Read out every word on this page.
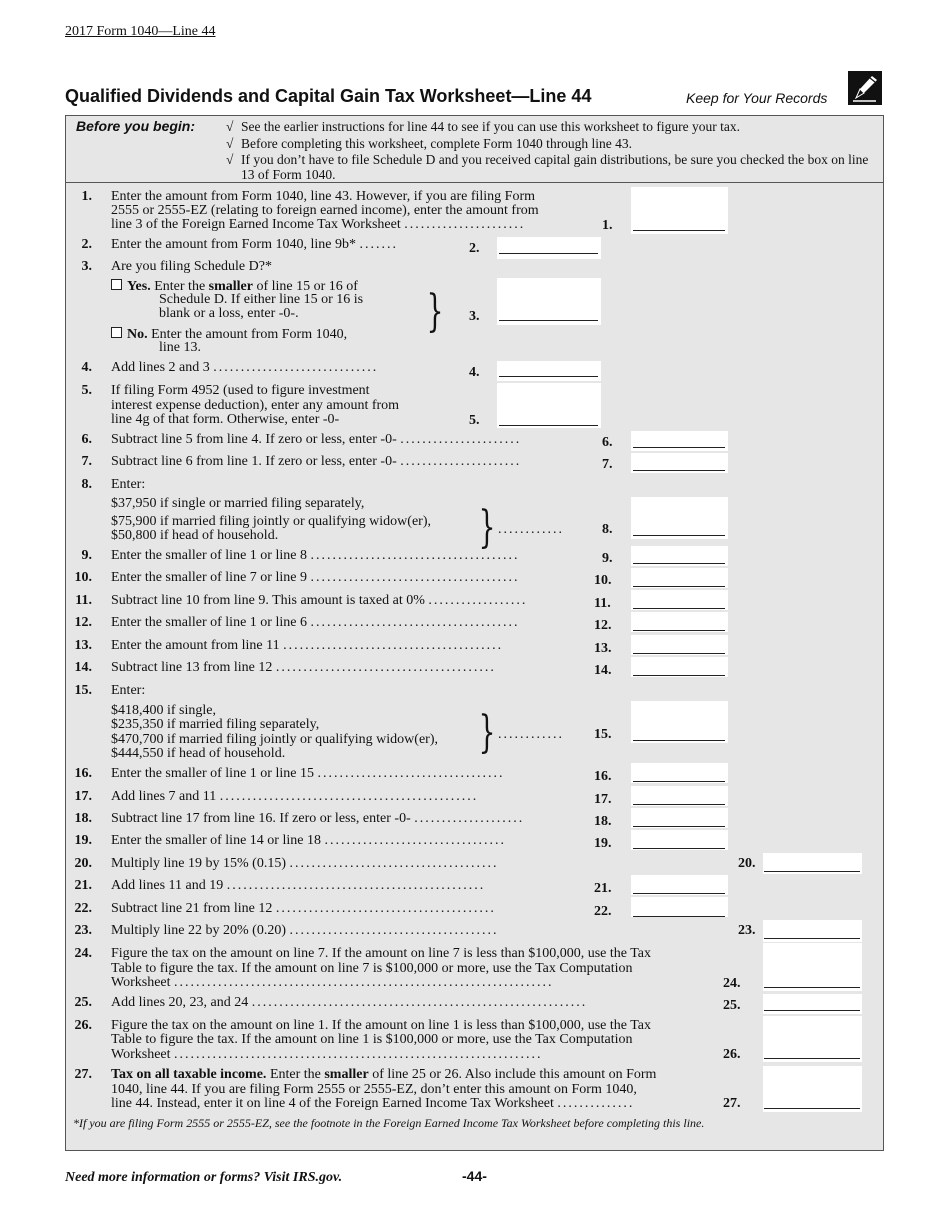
2017 Form 1040—Line 44
Qualified Dividends and Capital Gain Tax Worksheet—Line 44	Keep for Your Records
Before you begin: √ See the earlier instructions for line 44 to see if you can use this worksheet to figure your tax.
√ Before completing this worksheet, complete Form 1040 through line 43.
√ If you don’t have to file Schedule D and you received capital gain distributions, be sure you checked the box on line 13 of Form 1040.
1. Enter the amount from Form 1040, line 43. However, if you are filing Form
2555 or 2555-EZ (relating to foreign earned income), enter the amount from
line 3 of the Foreign Earned Income Tax Worksheet ......................	1.
2. Enter the amount from Form 1040, line 9b* .......	2.
3. Are you filing Schedule D?*
Yes. Enter the smaller of line 15 or 16 of
Schedule D. If either line 15 or 16 is
blank or a loss, enter -0-.
No. Enter the amount from Form 1040,
line 13.
} 3.
4. Add lines 2 and 3 ..............................	4.
5. If filing Form 4952 (used to figure investment
interest expense deduction), enter any amount from
line 4g of that form. Otherwise, enter -0-	5.
6. Subtract line 5 from line 4. If zero or less, enter -0- ......................	6.
7. Subtract line 6 from line 1. If zero or less, enter -0- ......................	7.
8. Enter:
$37,950 if single or married filing separately,
$75,900 if married filing jointly or qualifying widow(er),
$50,800 if head of household.	} ............	8.
9. Enter the smaller of line 1 or line 8 ......................................	9.
10. Enter the smaller of line 7 or line 9 ......................................	10.
11. Subtract line 10 from line 9. This amount is taxed at 0% ..................	11.
12. Enter the smaller of line 1 or line 6 ......................................	12.
13. Enter the amount from line 11 ........................................	13.
14. Subtract line 13 from line 12 ........................................	14.
15. Enter:
$418,400 if single,
$235,350 if married filing separately,
$470,700 if married filing jointly or qualifying widow(er),
$444,550 if head of household.	} ............ 15.
16. Enter the smaller of line 1 or line 15 ..................................	16.
17. Add lines 7 and 11 ...............................................	17.
18. Subtract line 17 from line 16. If zero or less, enter -0- ....................	18.
19. Enter the smaller of line 14 or line 18 .................................	19.
20. Multiply line 19 by 15% (0.15) ......................................	20.
21. Add lines 11 and 19 ...............................................	21.
22. Subtract line 21 from line 12 ........................................	22.
23. Multiply line 22 by 20% (0.20) ......................................	23.
24. Figure the tax on the amount on line 7. If the amount on line 7 is less than $100,000, use the Tax
Table to figure the tax. If the amount on line 7 is $100,000 or more, use the Tax Computation
Worksheet .....................................................................	24.
25. Add lines 20, 23, and 24 .............................................................	25.
26. Figure the tax on the amount on line 1. If the amount on line 1 is less than $100,000, use the Tax
Table to figure the tax. If the amount on line 1 is $100,000 or more, use the Tax Computation
Worksheet ...................................................................	26.
27. Tax on all taxable income. Enter the smaller of line 25 or 26. Also include this amount on Form
1040, line 44. If you are filing Form 2555 or 2555-EZ, don’t enter this amount on Form 1040,
line 44. Instead, enter it on line 4 of the Foreign Earned Income Tax Worksheet ..............	27.
*If you are filing Form 2555 or 2555-EZ, see the footnote in the Foreign Earned Income Tax Worksheet before completing this line.
Need more information or forms? Visit IRS.gov.	-44-
